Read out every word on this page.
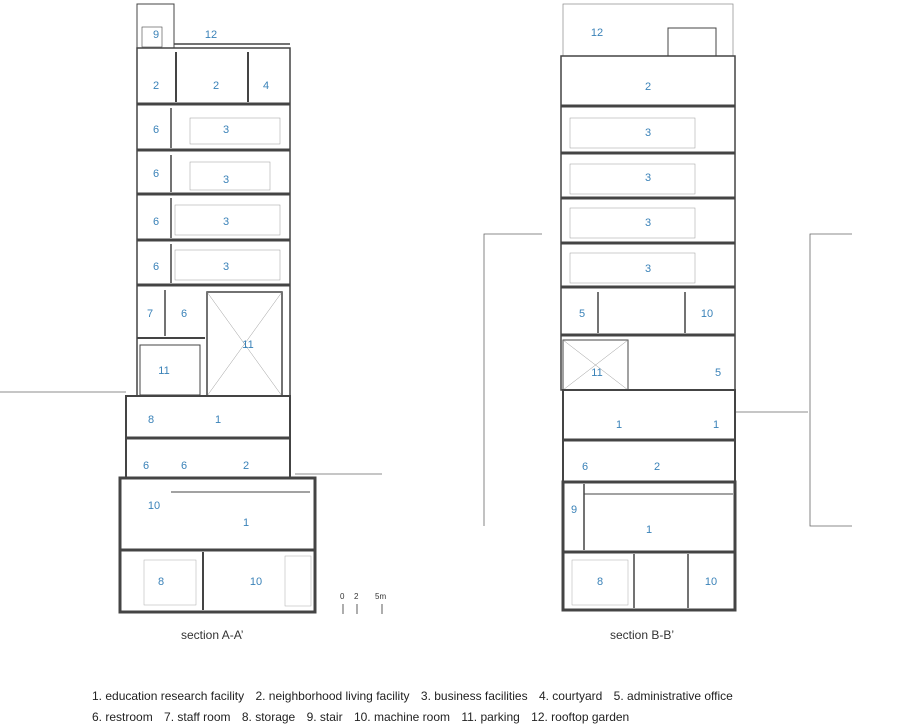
9	12
2	2	4
6	3
6	3
6	3
6	3
7	6
11
11
8	1
6	6	2
10
1
8	10
12
2
3
3
3
3
5	10
11	5
1	1
6	2
9
1
8	10
section A-A’	section B-B’
0 2 5m
1. education research facility 2. neighborhood living facility 3. business facilities 4. courtyard 5. administrative office
6. restroom 7. staff room 8. storage 9. stair 10. machine room 11. parking 12. rooftop garden
